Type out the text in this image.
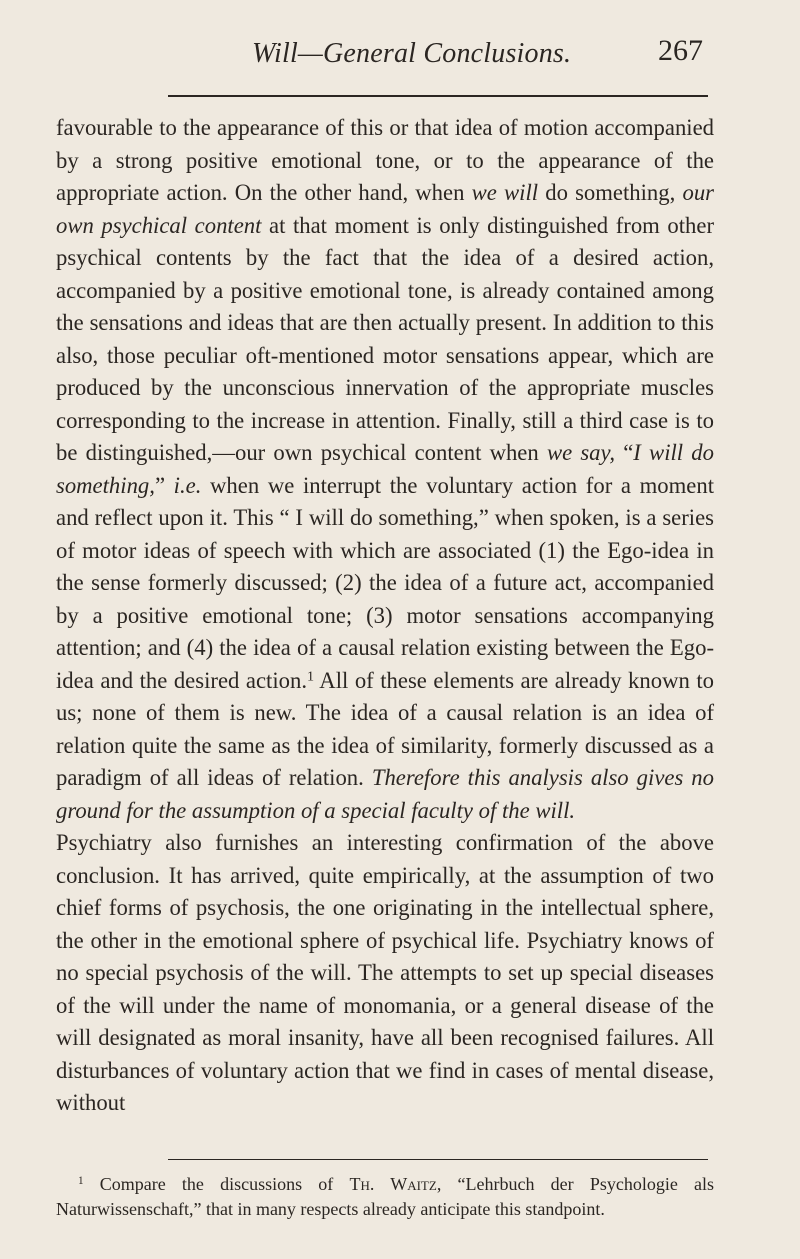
Will—General Conclusions.	267

favourable to the appearance of this or that idea of motion accompanied by a strong positive emotional tone, or to the appearance of the appropriate action. On the other hand, when we will do something, our own psychical content at that moment is only distinguished from other psychical contents by the fact that the idea of a desired action, accompanied by a positive emotional tone, is already contained among the sensations and ideas that are then actually present. In addition to this also, those peculiar oft-mentioned motor sensations appear, which are produced by the unconscious innervation of the appropriate muscles corresponding to the increase in attention. Finally, still a third case is to be distinguished,—our own psychical content when we say, “I will do something,” i.e. when we interrupt the voluntary action for a moment and reflect upon it. This “ I will do something,” when spoken, is a series of motor ideas of speech with which are associated (1) the Ego-idea in the sense formerly discussed; (2) the idea of a future act, accompanied by a positive emotional tone; (3) motor sensations accompanying attention; and (4) the idea of a causal relation existing between the Ego-idea and the desired action.$^1$ All of these elements are already known to us; none of them is new. The idea of a causal relation is an idea of relation quite the same as the idea of similarity, formerly discussed as a paradigm of all ideas of relation. Therefore this analysis also gives no ground for the assumption of a special faculty of the will.

Psychiatry also furnishes an interesting confirmation of the above conclusion. It has arrived, quite empirically, at the assumption of two chief forms of psychosis, the one originating in the intellectual sphere, the other in the emotional sphere of psychical life. Psychiatry knows of no special psychosis of the will. The attempts to set up special diseases of the will under the name of monomania, or a general disease of the will designated as moral insanity, have all been recognised failures. All disturbances of voluntary action that we find in cases of mental disease, without

$^1$ Compare the discussions of Th. Waitz, “Lehrbuch der Psychologie als Naturwissenschaft,” that in many respects already anticipate this standpoint.
